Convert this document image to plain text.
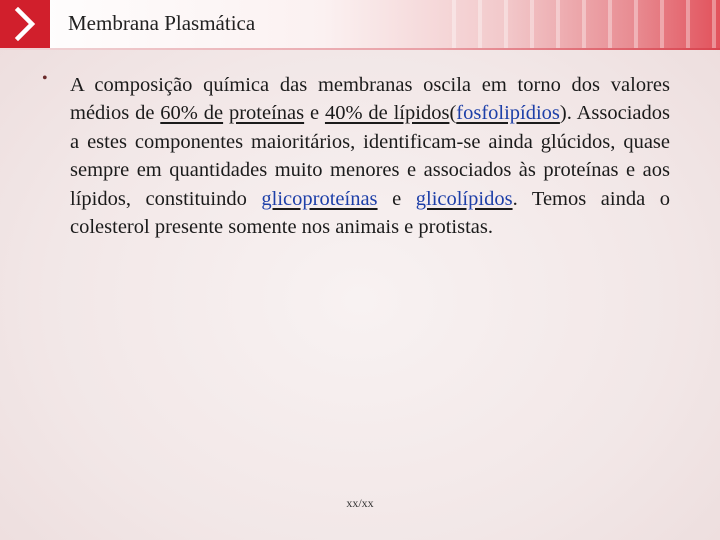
Membrana Plasmática
• A composição química das membranas oscila em torno dos valores médios de 60% de proteínas e 40% de lípidos(fosfolipídios). Associados a estes componentes maioritários, identificam-se ainda glúcidos, quase sempre em quantidades muito menores e associados às proteínas e aos lípidos, constituindo glicoproteínas e glicolípidos. Temos ainda o colesterol presente somente nos animais e protistas.
xx/xx
